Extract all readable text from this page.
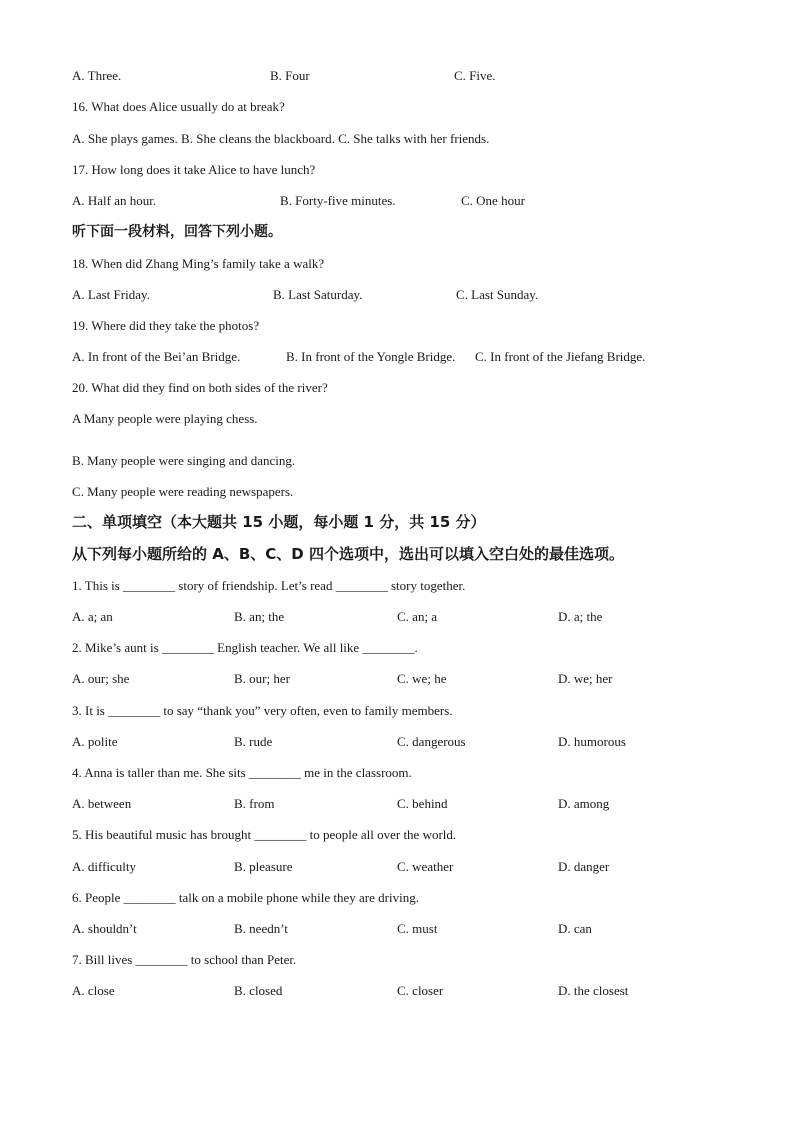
A. Three.	B. Four	C. Five.
16. What does Alice usually do at break?
A. She plays games. B. She cleans the blackboard. C. She talks with her friends.
17. How long does it take Alice to have lunch?
A. Half an hour.	B. Forty-five minutes.	C. One hour
听下面一段材料，回答下列小题。
18. When did Zhang Ming’s family take a walk?
A. Last Friday.	B. Last Saturday.	C. Last Sunday.
19. Where did they take the photos?
A. In front of the Bei’an Bridge.	B. In front of the Yongle Bridge. C. In front of the Jiefang Bridge.
20. What did they find on both sides of the river?
A Many people were playing chess.
B. Many people were singing and dancing.
C. Many people were reading newspapers.
二、单项填空（本大题共 15 小题，每小题 1 分，共 15 分）
从下列每小题所给的 A、B、C、D 四个选项中，选出可以填入空白处的最佳选项。
1. This is ________ story of friendship. Let’s read ________ story together.
A. a; an	B. an; the	C. an; a	D. a; the
2. Mike’s aunt is ________ English teacher. We all like ________.
A. our; she	B. our; her	C. we; he	D. we; her
3. It is ________ to say “thank you” very often, even to family members.
A. polite	B. rude	C. dangerous	D. humorous
4. Anna is taller than me. She sits ________ me in the classroom.
A. between	B. from	C. behind	D. among
5. His beautiful music has brought ________ to people all over the world.
A. difficulty	B. pleasure	C. weather	D. danger
6. People ________ talk on a mobile phone while they are driving.
A. shouldn’t	B. needn’t	C. must	D. can
7. Bill lives ________ to school than Peter.
A. close	B. closed	C. closer	D. the closest
